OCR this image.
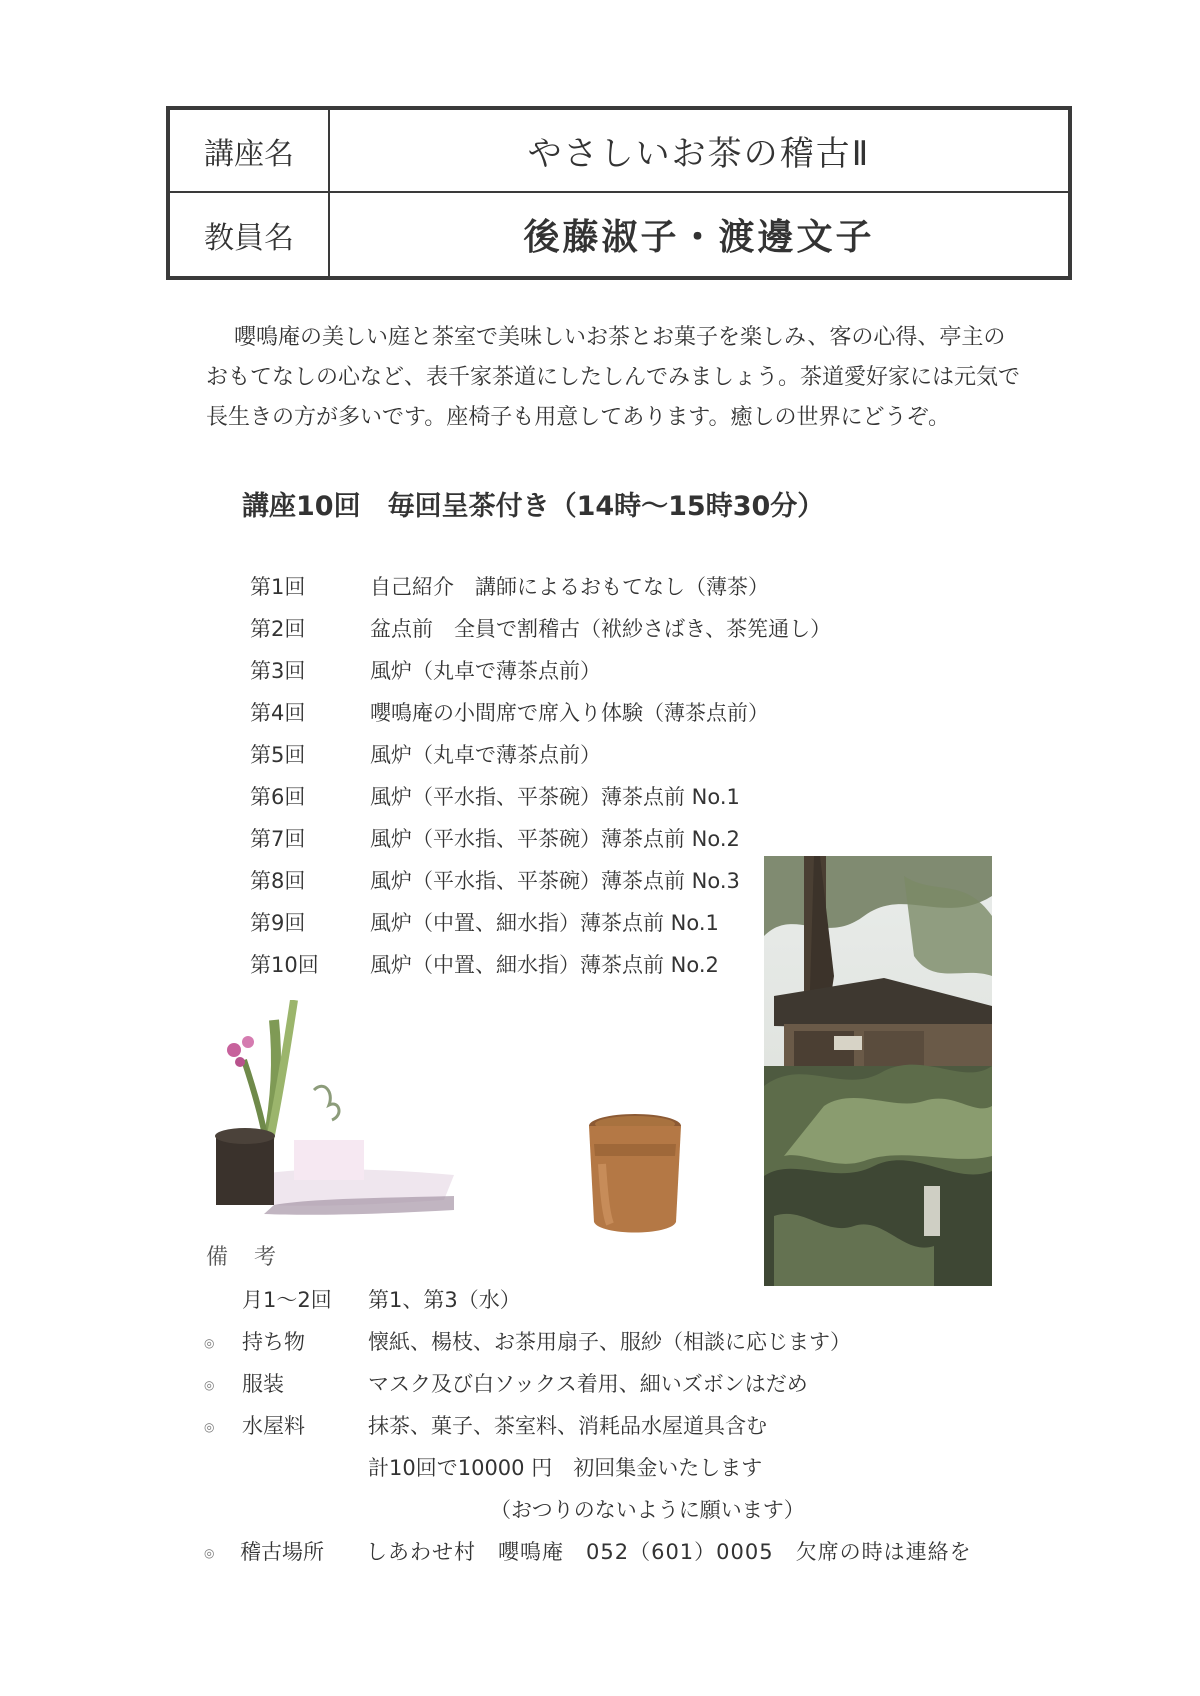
講座名	やさしいお茶の稽古Ⅱ
教員名	後藤淑子・渡邊文子

嚶鳴庵の美しい庭と茶室で美味しいお茶とお菓子を楽しみ、客の心得、亭主の

おもてなしの心など、表千家茶道にしたしんでみましょう。茶道愛好家には元気で

長生きの方が多いです。座椅子も用意してあります。癒しの世界にどうぞ。

講座10回　毎回呈茶付き（14時～15時30分）
第1回	自己紹介　講師によるおもてなし（薄茶）
第2回	盆点前　全員で割稽古（袱紗さばき、茶筅通し）
第3回	風炉（丸卓で薄茶点前）
第4回	嚶鳴庵の小間席で席入り体験（薄茶点前）
第5回	風炉（丸卓で薄茶点前）
第6回	風炉（平水指、平茶碗）薄茶点前 No.1
第7回	風炉（平水指、平茶碗）薄茶点前 No.2
第8回	風炉（平水指、平茶碗）薄茶点前 No.3
第9回	風炉（中置、細水指）薄茶点前 No.1
第10回	風炉（中置、細水指）薄茶点前 No.2
備　考
月1～2回 第1、第3（水）
◎ 持ち物	懐紙、楊枝、お茶用扇子、服紗（相談に応じます）
◎ 服装	マスク及び白ソックス着用、細いズボンはだめ
◎ 水屋料	抹茶、菓子、茶室料、消耗品水屋道具含む
計10回で10000 円　初回集金いたします
（おつりのないように願います）
◎ 稽古場所 しあわせ村　嚶鳴庵　052（601）0005　欠席の時は連絡を
